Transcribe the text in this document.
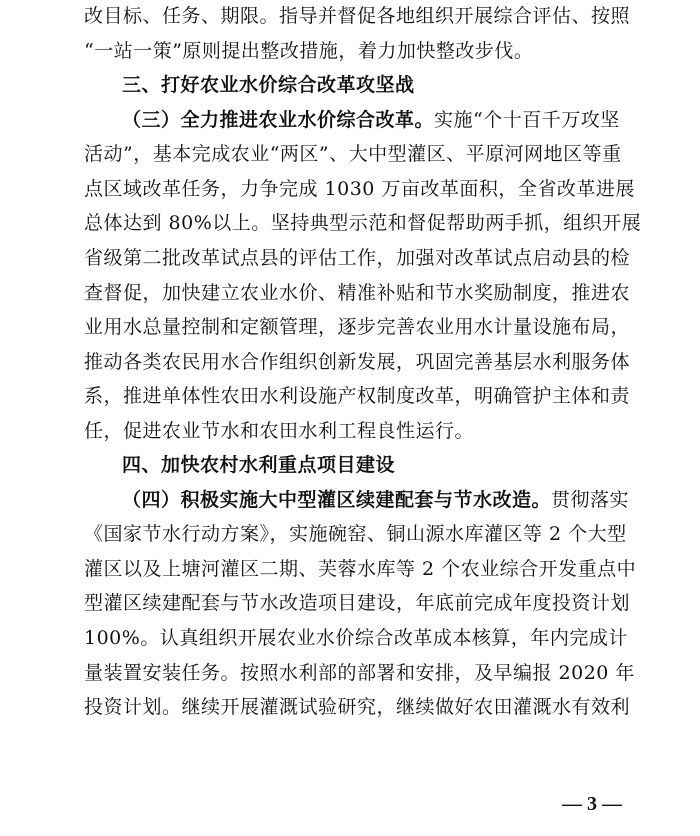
改目标、任务、期限。指导并督促各地组织开展综合评估、按照
“一站一策”原则提出整改措施，着力加快整改步伐。
三、打好农业水价综合改革攻坚战
（三）全力推进农业水价综合改革。实施“个十百千万攻坚
活动”，基本完成农业“两区”、大中型灌区、平原河网地区等重
点区域改革任务，力争完成 1030 万亩改革面积，全省改革进展
总体达到 80%以上。坚持典型示范和督促帮助两手抓，组织开展
省级第二批改革试点县的评估工作，加强对改革试点启动县的检
查督促，加快建立农业水价、精准补贴和节水奖励制度，推进农
业用水总量控制和定额管理，逐步完善农业用水计量设施布局，
推动各类农民用水合作组织创新发展，巩固完善基层水利服务体
系，推进单体性农田水利设施产权制度改革，明确管护主体和责
任，促进农业节水和农田水利工程良性运行。
四、加快农村水利重点项目建设
（四）积极实施大中型灌区续建配套与节水改造。贯彻落实
《国家节水行动方案》，实施碗窑、铜山源水库灌区等 2 个大型
灌区以及上塘河灌区二期、芙蓉水库等 2 个农业综合开发重点中
型灌区续建配套与节水改造项目建设，年底前完成年度投资计划
100%。认真组织开展农业水价综合改革成本核算，年内完成计
量装置安装任务。按照水利部的部署和安排，及早编报 2020 年
投资计划。继续开展灌溉试验研究，继续做好农田灌溉水有效利
— 3 —
